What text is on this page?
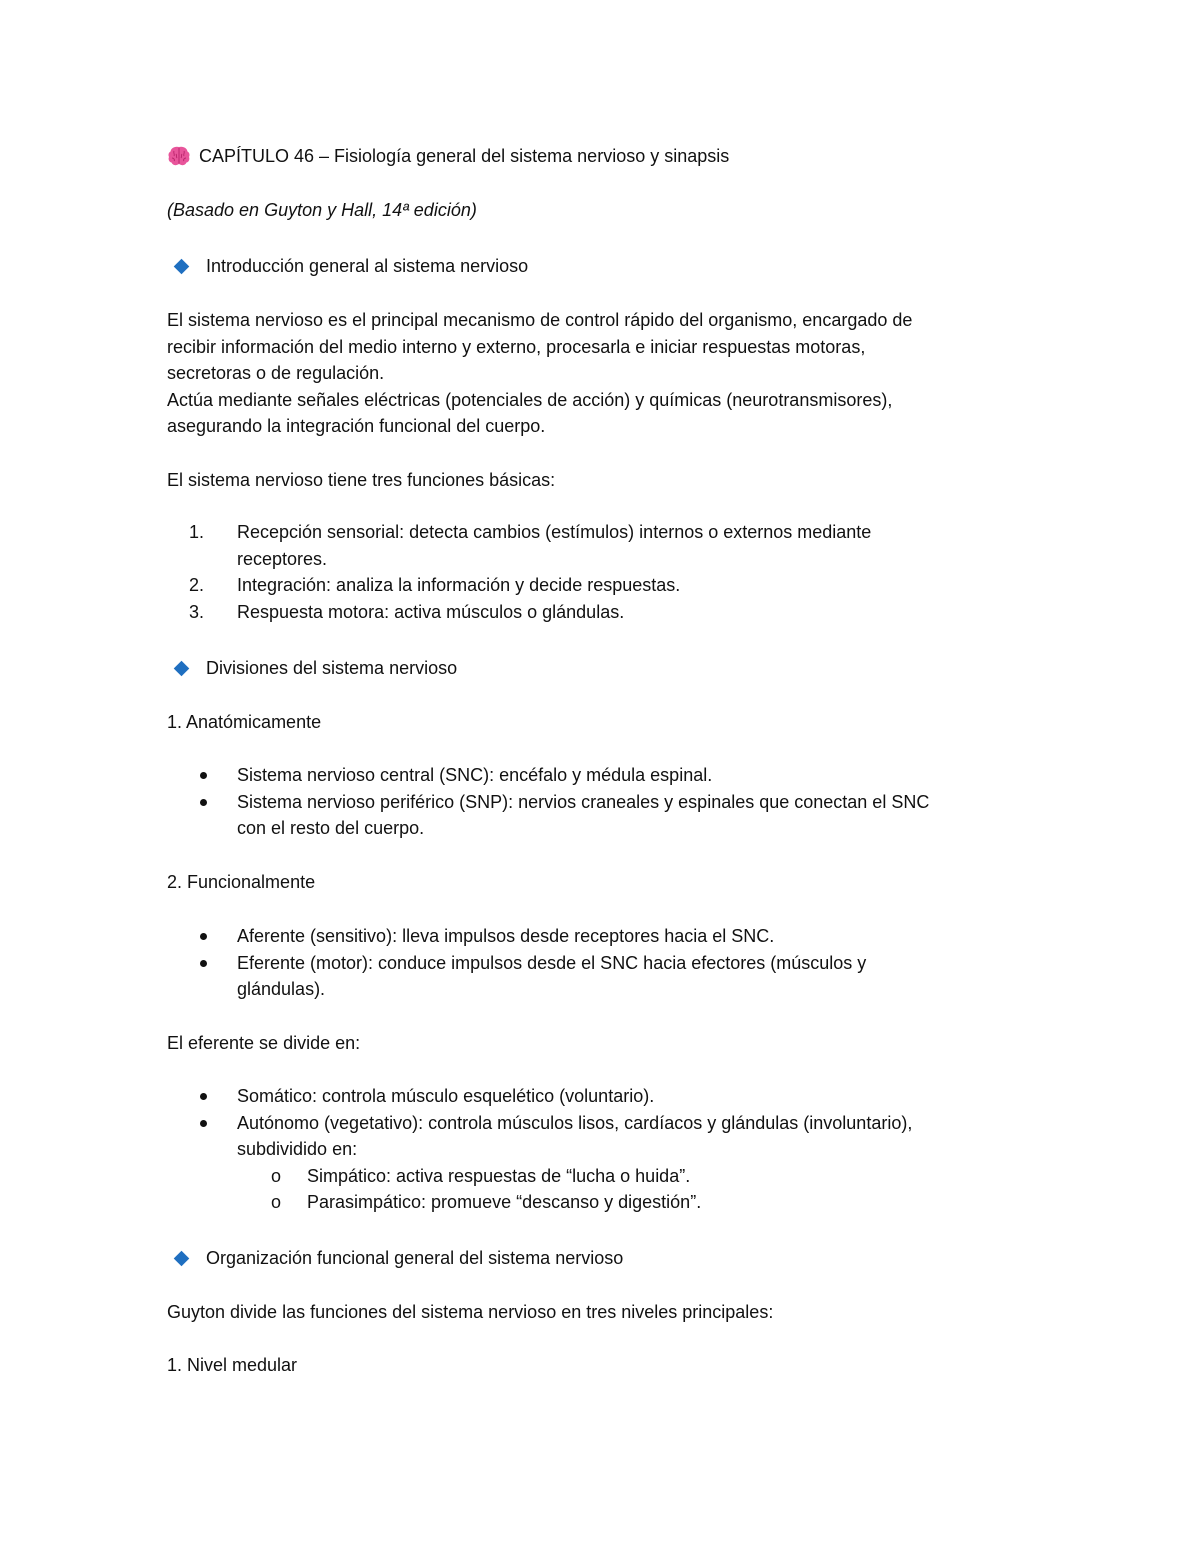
CAPÍTULO 46 – Fisiología general del sistema nervioso y sinapsis
(Basado en Guyton y Hall, 14ª edición)
Introducción general al sistema nervioso
El sistema nervioso es el principal mecanismo de control rápido del organismo, encargado de
recibir información del medio interno y externo, procesarla e iniciar respuestas motoras,
secretoras o de regulación.
Actúa mediante señales eléctricas (potenciales de acción) y químicas (neurotransmisores),
asegurando la integración funcional del cuerpo.
El sistema nervioso tiene tres funciones básicas:
1. Recepción sensorial: detecta cambios (estímulos) internos o externos mediante
receptores.
2. Integración: analiza la información y decide respuestas.
3. Respuesta motora: activa músculos o glándulas.
Divisiones del sistema nervioso
1. Anatómicamente
Sistema nervioso central (SNC): encéfalo y médula espinal.
Sistema nervioso periférico (SNP): nervios craneales y espinales que conectan el SNC
con el resto del cuerpo.
2. Funcionalmente
Aferente (sensitivo): lleva impulsos desde receptores hacia el SNC.
Eferente (motor): conduce impulsos desde el SNC hacia efectores (músculos y
glándulas).
El eferente se divide en:
Somático: controla músculo esquelético (voluntario).
Autónomo (vegetativo): controla músculos lisos, cardíacos y glándulas (involuntario),
subdividido en:
o Simpático: activa respuestas de “lucha o huida”.
o Parasimpático: promueve “descanso y digestión”.
Organización funcional general del sistema nervioso
Guyton divide las funciones del sistema nervioso en tres niveles principales:
1. Nivel medular
